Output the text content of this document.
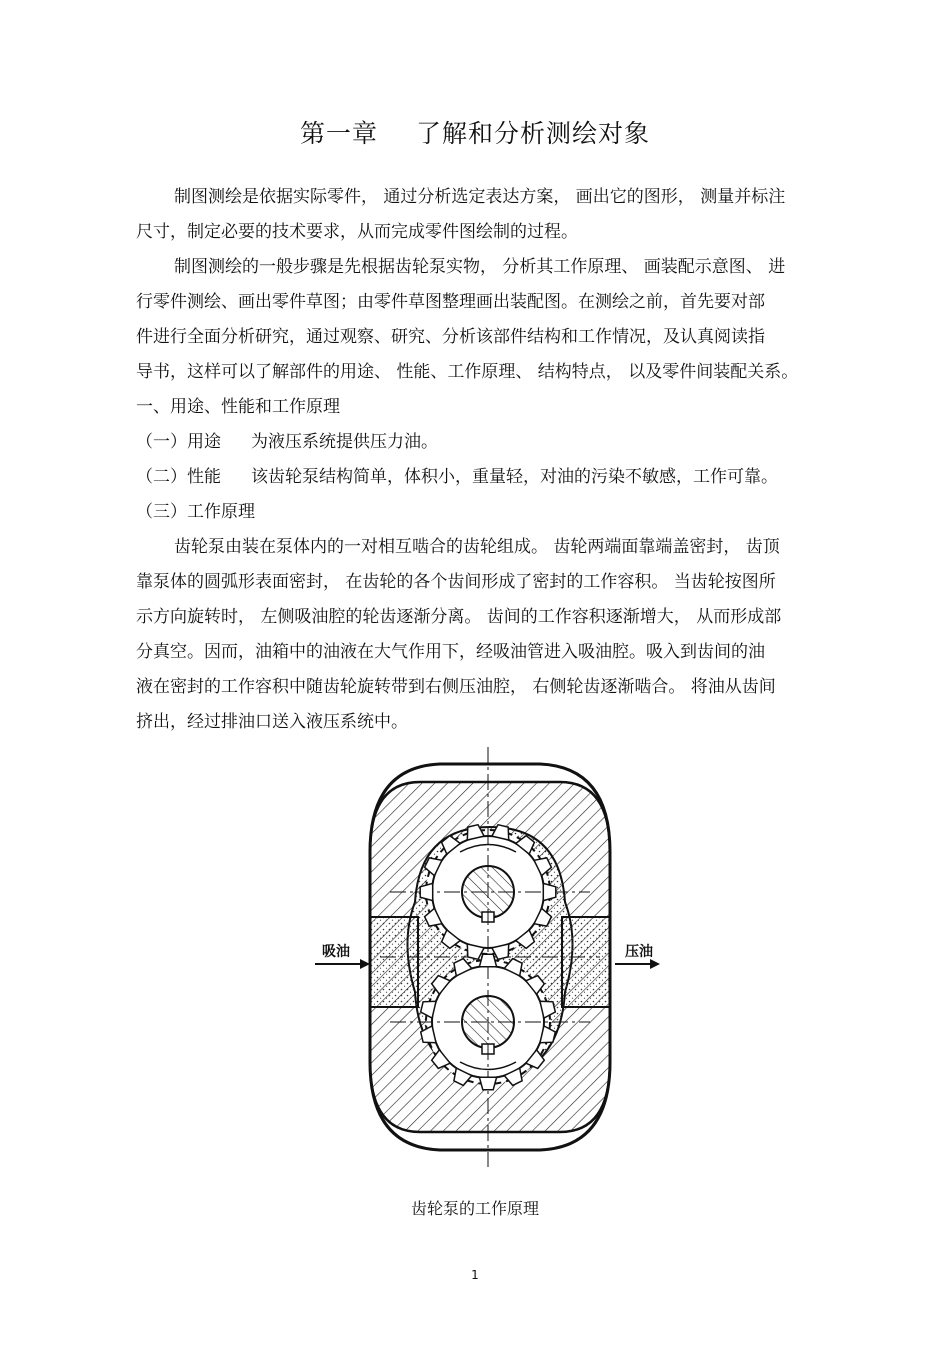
第一章 了解和分析测绘对象
制图测绘是依据实际零件， 通过分析选定表达方案， 画出它的图形， 测量并标注
尺寸，制定必要的技术要求，从而完成零件图绘制的过程。
制图测绘的一般步骤是先根据齿轮泵实物， 分析其工作原理、 画装配示意图、 进
行零件测绘、画出零件草图；由零件草图整理画出装配图。在测绘之前，首先要对部
件进行全面分析研究，通过观察、研究、分析该部件结构和工作情况，及认真阅读指
导书，这样可以了解部件的用途、 性能、工作原理、 结构特点， 以及零件间装配关系。
一、用途、性能和工作原理
（一）用途 为液压系统提供压力油。
（二）性能 该齿轮泵结构简单，体积小，重量轻，对油的污染不敏感，工作可靠。
（三）工作原理
齿轮泵由装在泵体内的一对相互啮合的齿轮组成。 齿轮两端面靠端盖密封， 齿顶
靠泵体的圆弧形表面密封， 在齿轮的各个齿间形成了密封的工作容积。 当齿轮按图所
示方向旋转时， 左侧吸油腔的轮齿逐渐分离。 齿间的工作容积逐渐增大， 从而形成部
分真空。因而，油箱中的油液在大气作用下，经吸油管进入吸油腔。吸入到齿间的油
液在密封的工作容积中随齿轮旋转带到右侧压油腔， 右侧轮齿逐渐啮合。 将油从齿间
挤出，经过排油口送入液压系统中。
吸油	压油
齿轮泵的工作原理
1
